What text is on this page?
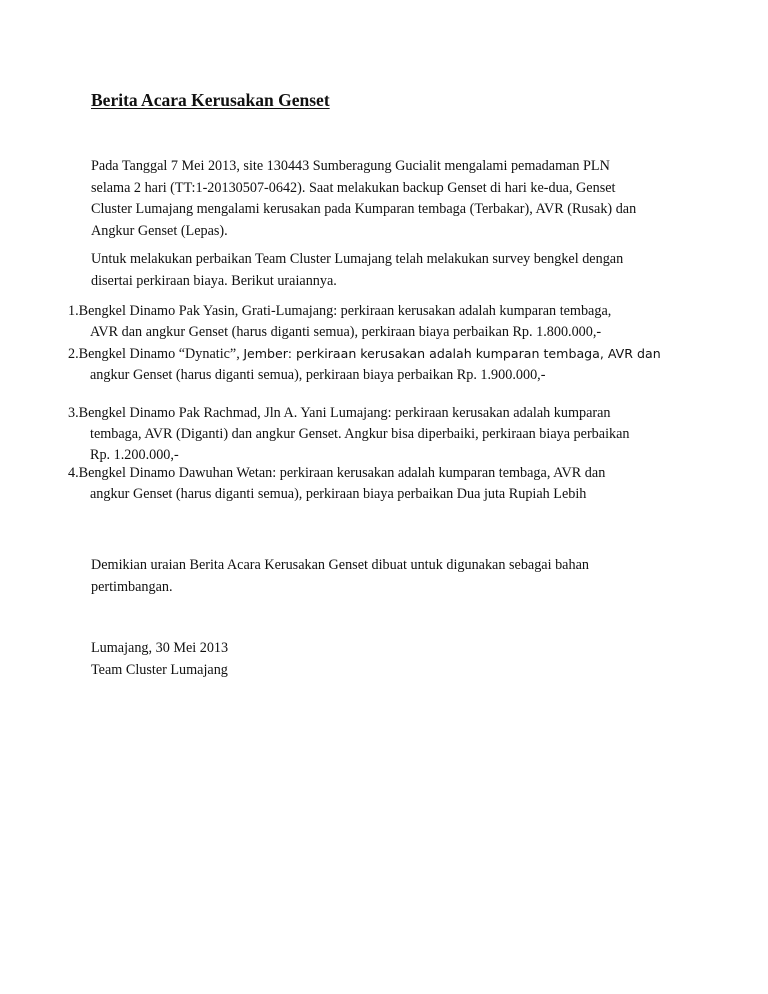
Berita Acara Kerusakan Genset
Pada Tanggal 7 Mei 2013, site 130443 Sumberagung Gucialit mengalami pemadaman PLN
selama 2 hari (TT:1-20130507-0642). Saat melakukan backup Genset di hari ke-dua, Genset
Cluster Lumajang mengalami kerusakan pada Kumparan tembaga (Terbakar), AVR (Rusak) dan
Angkur Genset (Lepas).
Untuk melakukan perbaikan Team Cluster Lumajang telah melakukan survey bengkel dengan
disertai perkiraan biaya. Berikut uraiannya.
1.Bengkel Dinamo Pak Yasin, Grati-Lumajang: perkiraan kerusakan adalah kumparan tembaga,
AVR dan angkur Genset (harus diganti semua), perkiraan biaya perbaikan Rp. 1.800.000,-
2.Bengkel Dinamo “Dynatic”, Jember: perkiraan kerusakan adalah kumparan tembaga, AVR dan
angkur Genset (harus diganti semua), perkiraan biaya perbaikan Rp. 1.900.000,-
3.Bengkel Dinamo Pak Rachmad, Jln A. Yani Lumajang: perkiraan kerusakan adalah kumparan
tembaga, AVR (Diganti) dan angkur Genset. Angkur bisa diperbaiki, perkiraan biaya perbaikan
Rp. 1.200.000,-
4.Bengkel Dinamo Dawuhan Wetan: perkiraan kerusakan adalah kumparan tembaga, AVR dan
angkur Genset (harus diganti semua), perkiraan biaya perbaikan Dua juta Rupiah Lebih
Demikian uraian Berita Acara Kerusakan Genset dibuat untuk digunakan sebagai bahan
pertimbangan.
Lumajang, 30 Mei 2013
Team Cluster Lumajang
